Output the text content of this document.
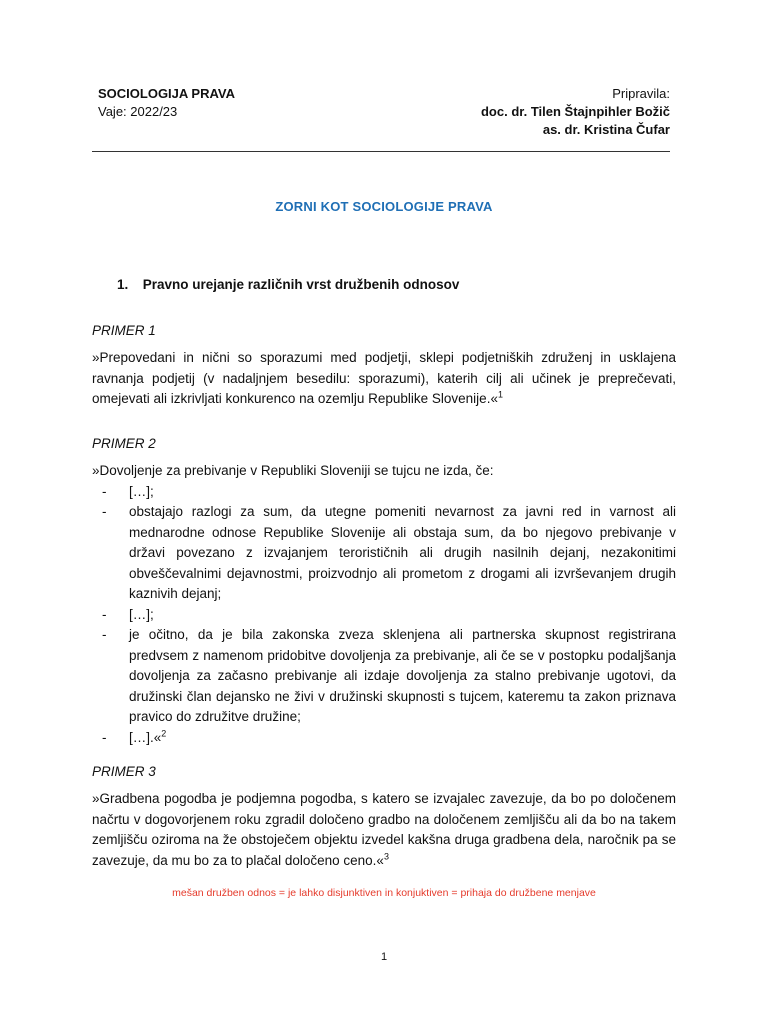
SOCIOLOGIJA PRAVA
Vaje: 2022/23
Pripravila:
doc. dr. Tilen Štajnpihler Božič
as. dr. Kristina Čufar
ZORNI KOT SOCIOLOGIJE PRAVA
1. Pravno urejanje različnih vrst družbenih odnosov
PRIMER 1
»Prepovedani in nični so sporazumi med podjetji, sklepi podjetniških združenj in usklajena ravnanja podjetij (v nadaljnjem besedilu: sporazumi), katerih cilj ali učinek je preprečevati, omejevati ali izkrivljati konkurenco na ozemlju Republike Slovenije.«$^1$
PRIMER 2
»Dovoljenje za prebivanje v Republiki Sloveniji se tujcu ne izda, če:
-	[…];
-	obstajajo razlogi za sum, da utegne pomeniti nevarnost za javni red in varnost ali mednarodne odnose Republike Slovenije ali obstaja sum, da bo njegovo prebivanje v državi povezano z izvajanjem terorističnih ali drugih nasilnih dejanj, nezakonitimi obveščevalnimi dejavnostmi, proizvodnjo ali prometom z drogami ali izvrševanjem drugih kaznivih dejanj;
-	[…];
-	je očitno, da je bila zakonska zveza sklenjena ali partnerska skupnost registrirana predvsem z namenom pridobitve dovoljenja za prebivanje, ali če se v postopku podaljšanja dovoljenja za začasno prebivanje ali izdaje dovoljenja za stalno prebivanje ugotovi, da družinski član dejansko ne živi v družinski skupnosti s tujcem, kateremu ta zakon priznava pravico do združitve družine;
-	[…].«$^2$
PRIMER 3
»Gradbena pogodba je podjemna pogodba, s katero se izvajalec zavezuje, da bo po določenem načrtu v dogovorjenem roku zgradil določeno gradbo na določenem zemljišču ali da bo na takem zemljišču oziroma na že obstoječem objektu izvedel kakšna druga gradbena dela, naročnik pa se zavezuje, da mu bo za to plačal določeno ceno.«$^3$
mešan družben odnos = je lahko disjunktiven in konjuktiven = prihaja do družbene menjave
1
